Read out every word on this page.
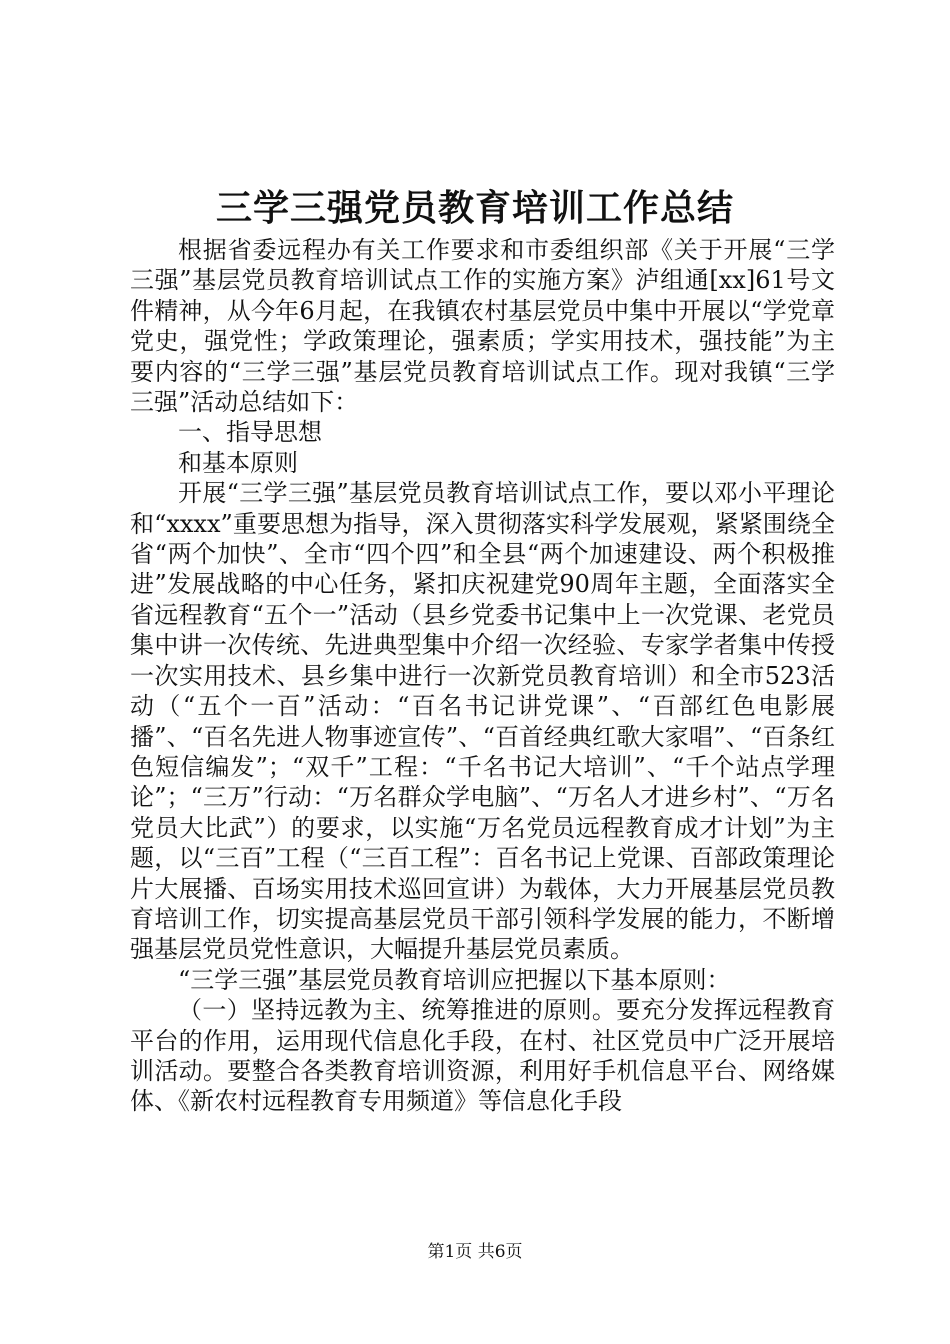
三学三强党员教育培训工作总结

根据省委远程办有关工作要求和市委组织部《关于开展“三学三强”基层党员教育培训试点工作的实施方案》泸组通[xx]61号文件精神，从今年6月起，在我镇农村基层党员中集中开展以“学党章党史，强党性；学政策理论，强素质；学实用技术，强技能”为主要内容的“三学三强”基层党员教育培训试点工作。现对我镇“三学三强”活动总结如下：

一、指导思想

和基本原则

开展“三学三强”基层党员教育培训试点工作，要以邓小平理论和“xxxx”重要思想为指导，深入贯彻落实科学发展观，紧紧围绕全省“两个加快”、全市“四个四”和全县“两个加速建设、两个积极推进”发展战略的中心任务，紧扣庆祝建党90周年主题，全面落实全省远程教育“五个一”活动（县乡党委书记集中上一次党课、老党员集中讲一次传统、先进典型集中介绍一次经验、专家学者集中传授一次实用技术、县乡集中进行一次新党员教育培训）和全市523活动（“五个一百”活动：“百名书记讲党课”、“百部红色电影展播”、“百名先进人物事迹宣传”、“百首经典红歌大家唱”、“百条红色短信编发”；“双千”工程：“千名书记大培训”、“千个站点学理论”；“三万”行动：“万名群众学电脑”、“万名人才进乡村”、“万名党员大比武”）的要求，以实施“万名党员远程教育成才计划”为主题，以“三百”工程（“三百工程”：百名书记上党课、百部政策理论片大展播、百场实用技术巡回宣讲）为载体，大力开展基层党员教育培训工作，切实提高基层党员干部引领科学发展的能力，不断增强基层党员党性意识，大幅提升基层党员素质。

“三学三强”基层党员教育培训应把握以下基本原则：

（一）坚持远教为主、统筹推进的原则。要充分发挥远程教育平台的作用，运用现代信息化手段，在村、社区党员中广泛开展培训活动。要整合各类教育培训资源，利用好手机信息平台、网络媒体、《新农村远程教育专用频道》等信息化手段

第1页 共6页
